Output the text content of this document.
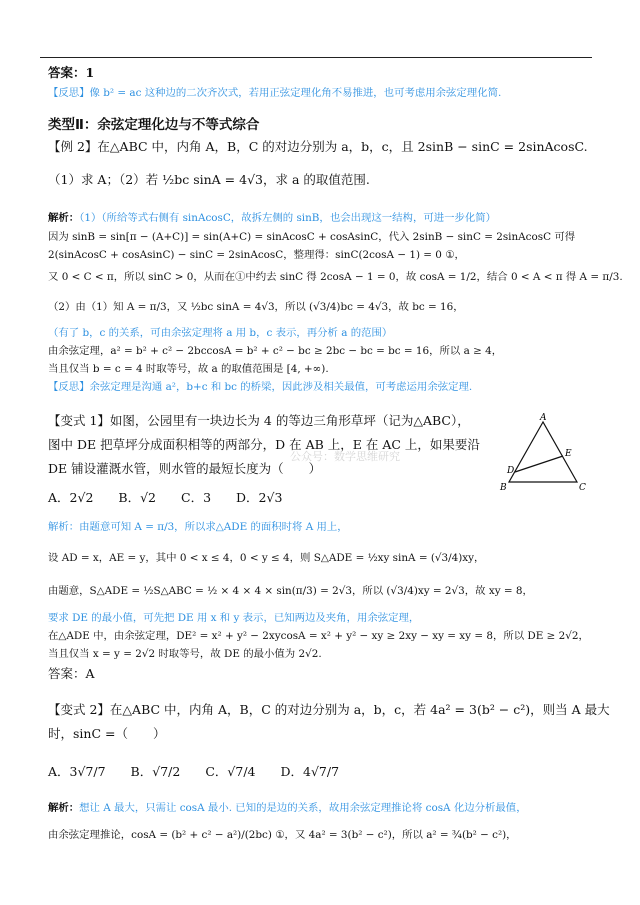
答案：1
【反思】像 b² = ac 这种边的二次齐次式，若用正弦定理化角不易推进，也可考虑用余弦定理化简.
类型Ⅱ：余弦定理化边与不等式综合
【例 2】在△ABC 中，内角 A，B，C 的对边分别为 a，b，c，且 2sinB − sinC = 2sinAcosC.
（1）求 A；（2）若 ½bc sinA = 4√3，求 a 的取值范围.
解析：（1）（所给等式右侧有 sinAcosC，故拆左侧的 sinB，也会出现这一结构，可进一步化简）
因为 sinB = sin[π − (A+C)] = sin(A+C) = sinAcosC + cosAsinC，代入 2sinB − sinC = 2sinAcosC 可得
2(sinAcosC + cosAsinC) − sinC = 2sinAcosC，整理得：sinC(2cosA − 1) = 0 ①，
又 0 < C < π，所以 sinC > 0，从而在①中约去 sinC 得 2cosA − 1 = 0，故 cosA = 1/2，结合 0 < A < π 得 A = π/3.
（2）由（1）知 A = π/3，又 ½bc sinA = 4√3，所以 (√3/4)bc = 4√3，故 bc = 16，
（有了 b，c 的关系，可由余弦定理将 a 用 b，c 表示，再分析 a 的范围）
由余弦定理，a² = b² + c² − 2bccosA = b² + c² − bc ≥ 2bc − bc = bc = 16，所以 a ≥ 4，
当且仅当 b = c = 4 时取等号，故 a 的取值范围是 [4, +∞).
【反思】余弦定理是沟通 a²，b+c 和 bc 的桥梁，因此涉及相关最值，可考虑运用余弦定理.
【变式 1】如图，公园里有一块边长为 4 的等边三角形草坪（记为△ABC），
图中 DE 把草坪分成面积相等的两部分，D 在 AB 上，E 在 AC 上，如果要沿
DE 铺设灌溉水管，则水管的最短长度为（　　）
A．2√2　　B．√2　　C．3　　D．2√3
公众号：数学思维研究
A
B	C
D
E
解析：由题意可知 A = π/3，所以求△ADE 的面积时将 A 用上，
设 AD = x，AE = y，其中 0 < x ≤ 4，0 < y ≤ 4，则 S△ADE = ½xy sinA = (√3/4)xy，
由题意，S△ADE = ½S△ABC = ½ × 4 × 4 × sin(π/3) = 2√3，所以 (√3/4)xy = 2√3，故 xy = 8，
要求 DE 的最小值，可先把 DE 用 x 和 y 表示，已知两边及夹角，用余弦定理，
在△ADE 中，由余弦定理，DE² = x² + y² − 2xycosA = x² + y² − xy ≥ 2xy − xy = xy = 8，所以 DE ≥ 2√2，
当且仅当 x = y = 2√2 时取等号，故 DE 的最小值为 2√2.
答案：A
【变式 2】在△ABC 中，内角 A，B，C 的对边分别为 a，b，c，若 4a² = 3(b² − c²)，则当 A 最大
时，sinC =（　　）
A．3√7/7　　B．√7/2　　C．√7/4　　D．4√7/7
解析：想让 A 最大，只需让 cosA 最小. 已知的是边的关系，故用余弦定理推论将 cosA 化边分析最值，
由余弦定理推论，cosA = (b² + c² − a²)/(2bc) ①，又 4a² = 3(b² − c²)，所以 a² = ¾(b² − c²)，
